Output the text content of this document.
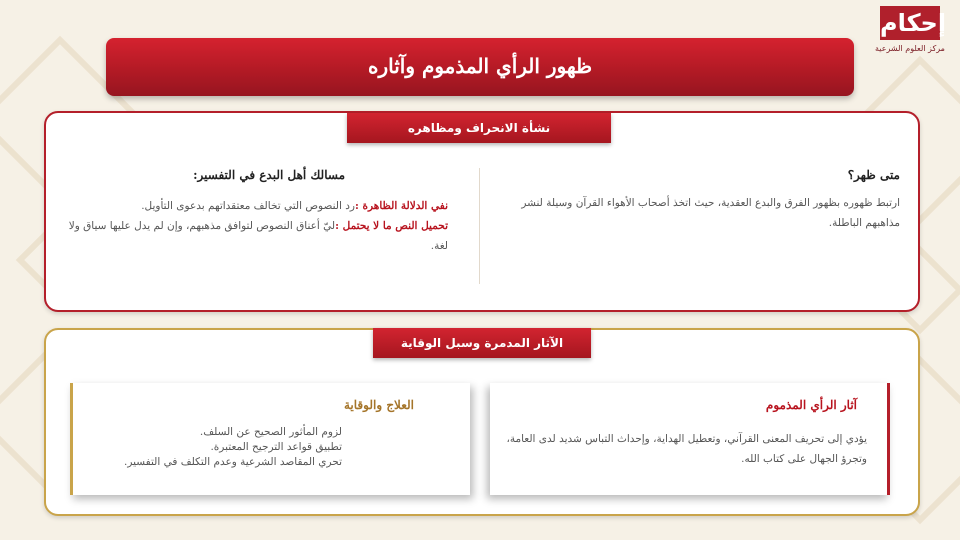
إحكام
مركز العلوم الشرعية
ظهور الرأي المذموم وآثاره
نشأة الانحراف ومظاهره
متى ظهر؟
ارتبط ظهوره بظهور الفرق والبدع العقدية، حيث اتخذ أصحاب الأهواء القرآن وسيلة لنشر مذاهبهم الباطلة.
مسالك أهل البدع في التفسير:
نفي الدلالة الظاهرة :رد النصوص التي تخالف معتقداتهم بدعوى التأويل.
تحميل النص ما لا يحتمل :ليّ أعناق النصوص لتوافق مذهبهم، وإن لم يدل عليها سياق ولا لغة.
الآثار المدمرة وسبل الوقاية
آثار الرأي المذموم
يؤدي إلى تحريف المعنى القرآني، وتعطيل الهداية، وإحداث التباس شديد لدى العامة، وتجرؤ الجهال على كتاب الله.
العلاج والوقاية
لزوم المأثور الصحيح عن السلف.
تطبيق قواعد الترجيح المعتبرة.
تحري المقاصد الشرعية وعدم التكلف في التفسير.
